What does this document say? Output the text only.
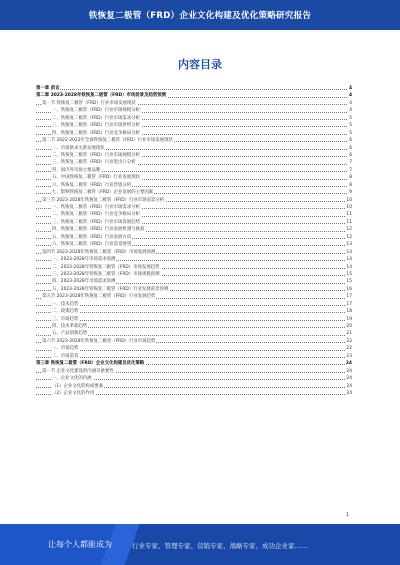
铁恢复二极管（FRD）企业文化构建及优化策略研究报告
内容目录
第一章 前言	4
第二章 2023-2028年铁恢复二极管（FRD）市场前景及趋势预测	4
第一节 铁恢复二极管（FRD）行业市场发展现状	4
一、铁恢复二极管（FRD）行业市场规模分析	4
二、铁恢复二极管（FRD）行业市场需求分析	5
三、铁恢复二极管（FRD）行业市场供给分析	5
四、铁恢复二极管（FRD）行业竞争格局分析	5
第二节 2022-2023年全球铁恢复二极管（FRD）行业市场发展现状	6
一、市场供求关系发展现状	6
二、铁恢复二极管（FRD）行业市场规模分析	6
三、铁恢复二极管（FRD）行业进出口分析	7
四、国内外市场主要品牌	7
五、中国铁恢复二极管（FRD）行业发展现状	8
六、铁恢复二极管（FRD）行业营销分析	8
七、影响铁恢复二极管（FRD）企业发展的主要因素	9
第三节 2023-2028年铁恢复二极管（FRD）行业市场前景分析	10
一、铁恢复二极管（FRD）行业市场需求分析	10
二、铁恢复二极管（FRD）行业竞争格局分析	11
三、铁恢复二极管（FRD）行业市场发展趋势	11
四、铁恢复二极管（FRD）行业发展机遇与挑战	12
五、铁恢复二极管（FRD）行业发展方向	12
六、铁恢复二极管（FRD）行业前景展望	13
第四节 2023-2028年铁恢复二极管（FRD）市场发展预测	14
一、2023-2028年市场需求预测	14
二、2023-2028年铁恢复二极管（FRD）市场发展趋势	14
三、2023-2028年铁恢复二极管（FRD）市场规模预测	15
四、2023-2028年市场需求预测	15
五、2023-2028年铁恢复二极管（FRD）行业发展前景预测	16
第五节 2023-2028年铁恢复二极管（FRD）行业发展趋势	17
一、技术趋势	17
二、政策趋势	18
三、市场趋势	19
四、技术革新趋势	20
五、产品创新趋势	21
第六节 2023-2028年铁恢复二极管（FRD）行业市场趋势	22
一、市场趋势	22
二、市场前景	23
第三章 铁恢复二极管（FRD）企业文化构建及优化策略	24
第一节 企业文化建设的内涵及重要性	24
一、企业文化的内涵	24
（1）企业文化的构成要素	24
（2）企业文化的作用	24
1
让每个人都能成为	行业专家、管理专家、营销专家、战略专家、成功企业家……
